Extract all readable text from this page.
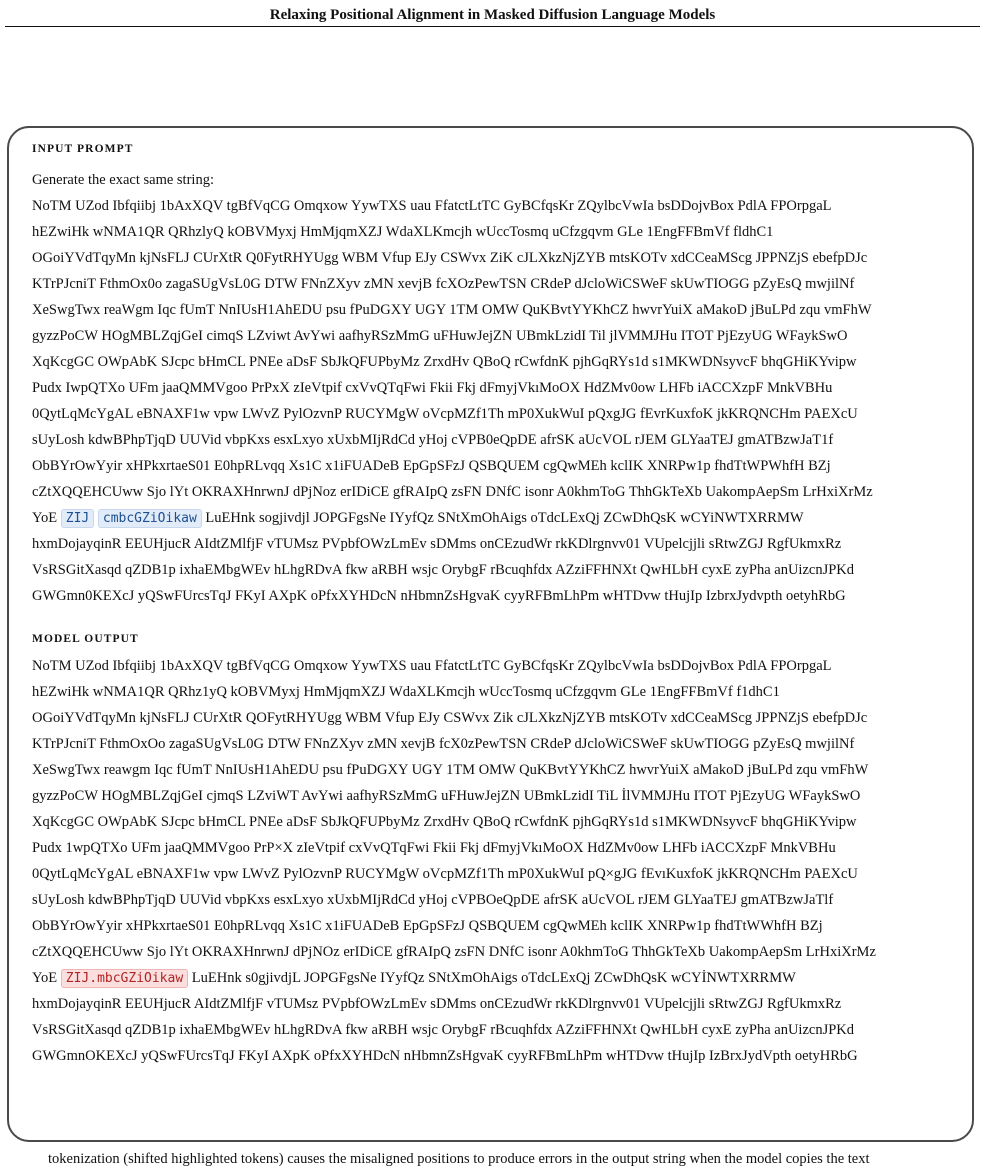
Relaxing Positional Alignment in Masked Diffusion Language Models
INPUT PROMPT
Generate the exact same string:
NoTM UZod Ibfqiibj 1bAxXQV tgBfVqCG Omqxow YywTXS uau FfatctLtTC GyBCfqsKr ZQylbcVwIa bsDDojvBox PdlA FPOrpgaL
hEZwiHk wNMA1QR QRhzlyQ kOBVMyxj HmMjqmXZJ WdaXLKmcjh wUccTosmq uCfzgqvm GLe 1EngFFBmVf fldhC1
OGoiYVdTqyMn kjNsFLJ CUrXtR Q0FytRHYUgg WBM Vfup EJy CSWvx ZiK cJLXkzNjZYB mtsKOTv xdCCeaMScg JPPNZjS ebefpDJc
KTrPJcniT FthmOx0o zagaSUgVsL0G DTW FNnZXyv zMN xevjB fcXOzPewTSN CRdeP dJcloWiCSWeF skUwTIOGG pZyEsQ mwjilNf
XeSwgTwx reaWgm Iqc fUmT NnIUsH1AhEDU psu fPuDGXY UGY 1TM OMW QuKBvtYYKhCZ hwvrYuiX aMakoD jBuLPd zqu vmFhW
gyzzPoCW HOgMBLZqjGeI cimqS LZviwt AvYwi aafhyRSzMmG uFHuwJejZN UBmkLzidI Til jlVMMJHu ITOT PjEzyUG WFaykSwO
XqKcgGC OWpAbK SJcpc bHmCL PNEe aDsF SbJkQFUPbyMz ZrxdHv QBoQ rCwfdnK pjhGqRYs1d s1MKWDNsyvcF bhqGHiKYvipw
Pudx IwpQTXo UFm jaaQMMVgoo PrPxX zIeVtpif cxVvQTqFwi Fkii Fkj dFmyjVkıMoOX HdZMv0ow LHFb iACCXzpF MnkVBHu
0QytLqMcYgAL eBNAXF1w vpw LWvZ PylOzvnP RUCYMgW oVcpMZf1Th mP0XukWuI pQxgJG fEvrKuxfoK jkKRQNCHm PAEXcU
sUyLosh kdwBPhpTjqD UUVid vbpKxs esxLxyo xUxbMIjRdCd yHoj cVPB0eQpDE afrSK aUcVOL rJEM GLYaaTEJ gmATBzwJaT1f
ObBYrOwYyir xHPkxrtaeS01 E0hpRLvqq Xs1C x1iFUADeB EpGpSFzJ QSBQUEM cgQwMEh kclIK XNRPw1p fhdTtWPWhfH BZj
cZtXQQEHCUww Sjo lYt OKRAXHnrwnJ dPjNoz erIDiCE gfRAIpQ zsFN DNfC isonr A0khmToG ThhGkTeXb UakompAepSm LrHxiXrMz
YoE ZIJ cmbcGZiOikaw LuEHnk sogjivdjl JOPGFgsNe IYyfQz SNtXmOhAigs oTdcLExQj ZCwDhQsK wCYiNWTXRRMW
hxmDojayqinR EEUHjucR AIdtZMlfjF vTUMsz PVpbfOWzLmEv sDMms onCEzudWr rkKDlrgnvv01 VUpelcjjli sRtwZGJ RgfUkmxRz
VsRSGitXasqd qZDB1p ixhaEMbgWEv hLhgRDvA fkw aRBH wsjc OrybgF rBcuqhfdx AZziFFHNXt QwHLbH cyxE zyPha anUizcnJPKd
GWGmn0KEXcJ yQSwFUrcsTqJ FKyI AXpK oPfxXYHDcN nHbmnZsHgvaK cyyRFBmLhPm wHTDvw tHujIp IzbrxJydvpth oetyhRbG
MODEL OUTPUT
NoTM UZod Ibfqiibj 1bAxXQV tgBfVqCG Omqxow YywTXS uau FfatctLtTC GyBCfqsKr ZQylbcVwIa bsDDojvBox PdlA FPOrpgaL
hEZwiHk wNMA1QR QRhz1yQ kOBVMyxj HmMjqmXZJ WdaXLKmcjh wUccTosmq uCfzgqvm GLe 1EngFFBmVf f1dhC1
OGoiYVdTqyMn kjNsFLJ CUrXtR QOFytRHYUgg WBM Vfup EJy CSWvx Zik cJLXkzNjZYB mtsKOTv xdCCeaMScg JPPNZjS ebefpDJc
KTrPJcniT FthmOxOo zagaSUgVsL0G DTW FNnZXyv zMN xevjB fcX0zPewTSN CRdeP dJcloWiCSWeF skUwTIOGG pZyEsQ mwjilNf
XeSwgTwx reawgm Iqc fUmT NnIUsH1AhEDU psu fPuDGXY UGY 1TM OMW QuKBvtYYKhCZ hwvrYuiX aMakoD jBuLPd zqu vmFhW
gyzzPoCW HOgMBLZqjGeI cjmqS LZviWT AvYwi aafhyRSzMmG uFHuwJejZN UBmkLzidI TiL İlVMMJHu ITOT PjEzyUG WFaykSwO
XqKcgGC OWpAbK SJcpc bHmCL PNEe aDsF SbJkQFUPbyMz ZrxdHv QBoQ rCwfdnK pjhGqRYs1d s1MKWDNsyvcF bhqGHiKYvipw
Pudx 1wpQTXo UFm jaaQMMVgoo PrP×X zIeVtpif cxVvQTqFwi Fkii Fkj dFmyjVkıMoOX HdZMv0ow LHFb iACCXzpF MnkVBHu
0QytLqMcYgAL eBNAXF1w vpw LWvZ PylOzvnP RUCYMgW oVcpMZf1Th mP0XukWuI pQ×gJG fEvıKuxfoK jkKRQNCHm PAEXcU
sUyLosh kdwBPhpTjqD UUVid vbpKxs esxLxyo xUxbMIjRdCd yHoj cVPBOeQpDE afrSK aUcVOL rJEM GLYaaTEJ gmATBzwJaTlf
ObBYrOwYyir xHPkxrtaeS01 E0hpRLvqq Xs1C x1iFUADeB EpGpSFzJ QSBQUEM cgQwMEh kclIK XNRPw1p fhdTtWWhfH BZj
cZtXQQEHCUww Sjo lYt OKRAXHnrwnJ dPjNOz erIDiCE gfRAIpQ zsFN DNfC isonr A0khmToG ThhGkTeXb UakompAepSm LrHxiXrMz
YoE ZIJ.mbcGZiOikaw LuEHnk s0gjivdjL JOPGFgsNe IYyfQz SNtXmOhAigs oTdcLExQj ZCwDhQsK wCYİNWTXRRMW
hxmDojayqinR EEUHjucR AIdtZMlfjF vTUMsz PVpbfOWzLmEv sDMms onCEzudWr rkKDlrgnvv01 VUpelcjjli sRtwZGJ RgfUkmxRz
VsRSGitXasqd qZDB1p ixhaEMbgWEv hLhgRDvA fkw aRBH wsjc OrybgF rBcuqhfdx AZziFFHNXt QwHLbH cyxE zyPha anUizcnJPKd
GWGmnOKEXcJ yQSwFUrcsTqJ FKyI AXpK oPfxXYHDcN nHbmnZsHgvaK cyyRFBmLhPm wHTDvw tHujIp IzBrxJydVpth oetyHRbG
tokenization (shifted highlighted tokens) causes the misaligned positions to produce errors in the output string when the model copies the text
